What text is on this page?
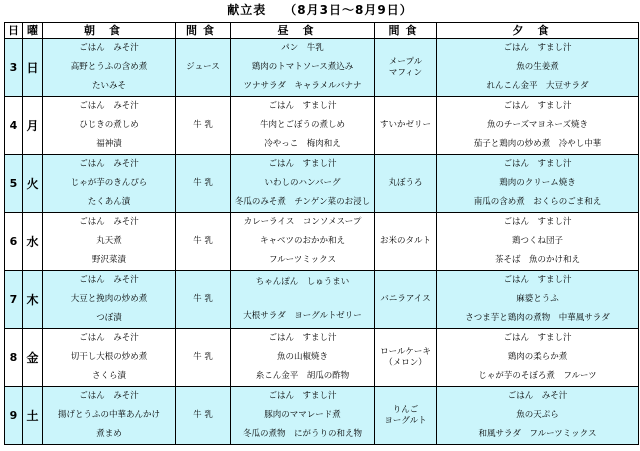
献立表 （8月3日～8月9日）
日	曜	朝食	間食	昼食	間食	夕食
3	日	ごはん　みそ汁
高野とうふの含め煮
たいみそ	ジュース	パン　牛乳
鶏肉のトマトソース煮込み
ツナサラダ　キャラメルバナナ	メープル
マフィン	ごはん　すまし汁
魚の生姜煮
れんこん金平　大豆サラダ

4	月	ごはん　みそ汁
ひじきの煮しめ
福神漬	牛 乳	ごはん　すまし汁
牛肉とごぼうの煮しめ
冷やっこ　梅肉和え	すいかゼリー	ごはん　すまし汁
魚のチーズマヨネーズ焼き
茄子と鶏肉の炒め煮　冷やし中華

5	火	ごはん　みそ汁
じゃが芋のきんぴら
たくあん漬	牛 乳	ごはん　すまし汁
いわしのハンバーグ
冬瓜のみそ煮　チンゲン菜のお浸し	丸ぼうろ	ごはん　すまし汁
鶏肉のクリーム焼き
南瓜の含め煮　おくらのごま和え

6	水	ごはん　みそ汁
丸天煮
野沢菜漬	牛 乳	カレーライス　コンソメスープ
キャベツのおかか和え
フルーツミックス	お米のタルト	ごはん　すまし汁
鶏つくね団子
茶そば　魚のかけ和え

7	木	ごはん　みそ汁
大豆と挽肉の炒め煮
つぼ漬	牛 乳	ちゃんぽん　しゅうまい
大根サラダ　ヨーグルトゼリー	バニラアイス	ごはん　すまし汁
麻婆とうふ
さつま芋と鶏肉の煮物　中華風サラダ

8	金	ごはん　みそ汁
切干し大根の炒め煮
さくら漬	牛 乳	ごはん　すまし汁
魚の山椒焼き
糸こん金平　胡瓜の酢物	ロールケーキ
（メロン）	ごはん　すまし汁
鶏肉の柔らか煮
じゃが芋のそぼろ煮　フルーツ

9	土	ごはん　みそ汁
揚げとうふの中華あんかけ
煮まめ	牛 乳	ごはん　すまし汁
豚肉のママレード煮
冬瓜の煮物　にがうりの和え物	りんご
ヨーグルト	ごはん　みそ汁
魚の天ぷら
和風サラダ　フルーツミックス
